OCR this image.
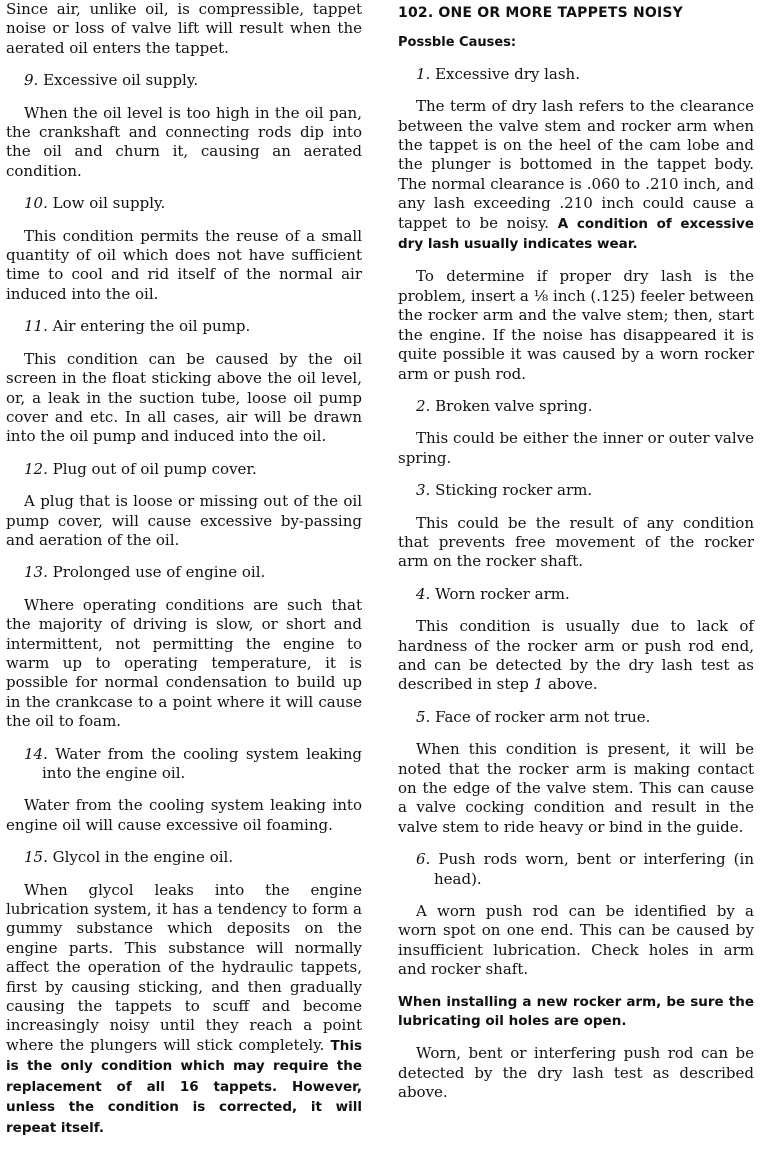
Since air, unlike oil, is compressible, tappet noise or loss of valve lift will result when the aerated oil enters the tappet.

9. Excessive oil supply.

When the oil level is too high in the oil pan, the crankshaft and connecting rods dip into the oil and churn it, causing an aerated condition.

10. Low oil supply.

This condition permits the reuse of a small quantity of oil which does not have sufficient time to cool and rid itself of the normal air induced into the oil.

11. Air entering the oil pump.

This condition can be caused by the oil screen in the float sticking above the oil level, or, a leak in the suction tube, loose oil pump cover and etc. In all cases, air will be drawn into the oil pump and induced into the oil.

12. Plug out of oil pump cover.

A plug that is loose or missing out of the oil pump cover, will cause excessive by-passing and aeration of the oil.

13. Prolonged use of engine oil.

Where operating conditions are such that the majority of driving is slow, or short and intermittent, not permitting the engine to warm up to operating temperature, it is possible for normal condensation to build up in the crankcase to a point where it will cause the oil to foam.

14. Water from the cooling system leaking into the engine oil.

Water from the cooling system leaking into engine oil will cause excessive oil foaming.

15. Glycol in the engine oil.

When glycol leaks into the engine lubrication system, it has a tendency to form a gummy substance which deposits on the engine parts. This substance will normally affect the operation of the hydraulic tappets, first by causing sticking, and then gradually causing the tappets to scuff and become increasingly noisy until they reach a point where the plungers will stick completely. This is the only condition which may require the replacement of all 16 tappets. However, unless the condition is corrected, it will repeat itself.

102. ONE OR MORE TAPPETS NOISY

Possble Causes:

1. Excessive dry lash.

The term of dry lash refers to the clearance between the valve stem and rocker arm when the tappet is on the heel of the cam lobe and the plunger is bottomed in the tappet body. The normal clearance is .060 to .210 inch, and any lash exceeding .210 inch could cause a tappet to be noisy. A condition of excessive dry lash usually indicates wear.

To determine if proper dry lash is the problem, insert a ⅛ inch (.125) feeler between the rocker arm and the valve stem; then, start the engine. If the noise has disappeared it is quite possible it was caused by a worn rocker arm or push rod.

2. Broken valve spring.

This could be either the inner or outer valve spring.

3. Sticking rocker arm.

This could be the result of any condition that prevents free movement of the rocker arm on the rocker shaft.

4. Worn rocker arm.

This condition is usually due to lack of hardness of the rocker arm or push rod end, and can be detected by the dry lash test as described in step 1 above.

5. Face of rocker arm not true.

When this condition is present, it will be noted that the rocker arm is making contact on the edge of the valve stem. This can cause a valve cocking condition and result in the valve stem to ride heavy or bind in the guide.

6. Push rods worn, bent or interfering (in head).

A worn push rod can be identified by a worn spot on one end. This can be caused by insufficient lubrication. Check holes in arm and rocker shaft.

When installing a new rocker arm, be sure the lubricating oil holes are open.

Worn, bent or interfering push rod can be detected by the dry lash test as described above.
